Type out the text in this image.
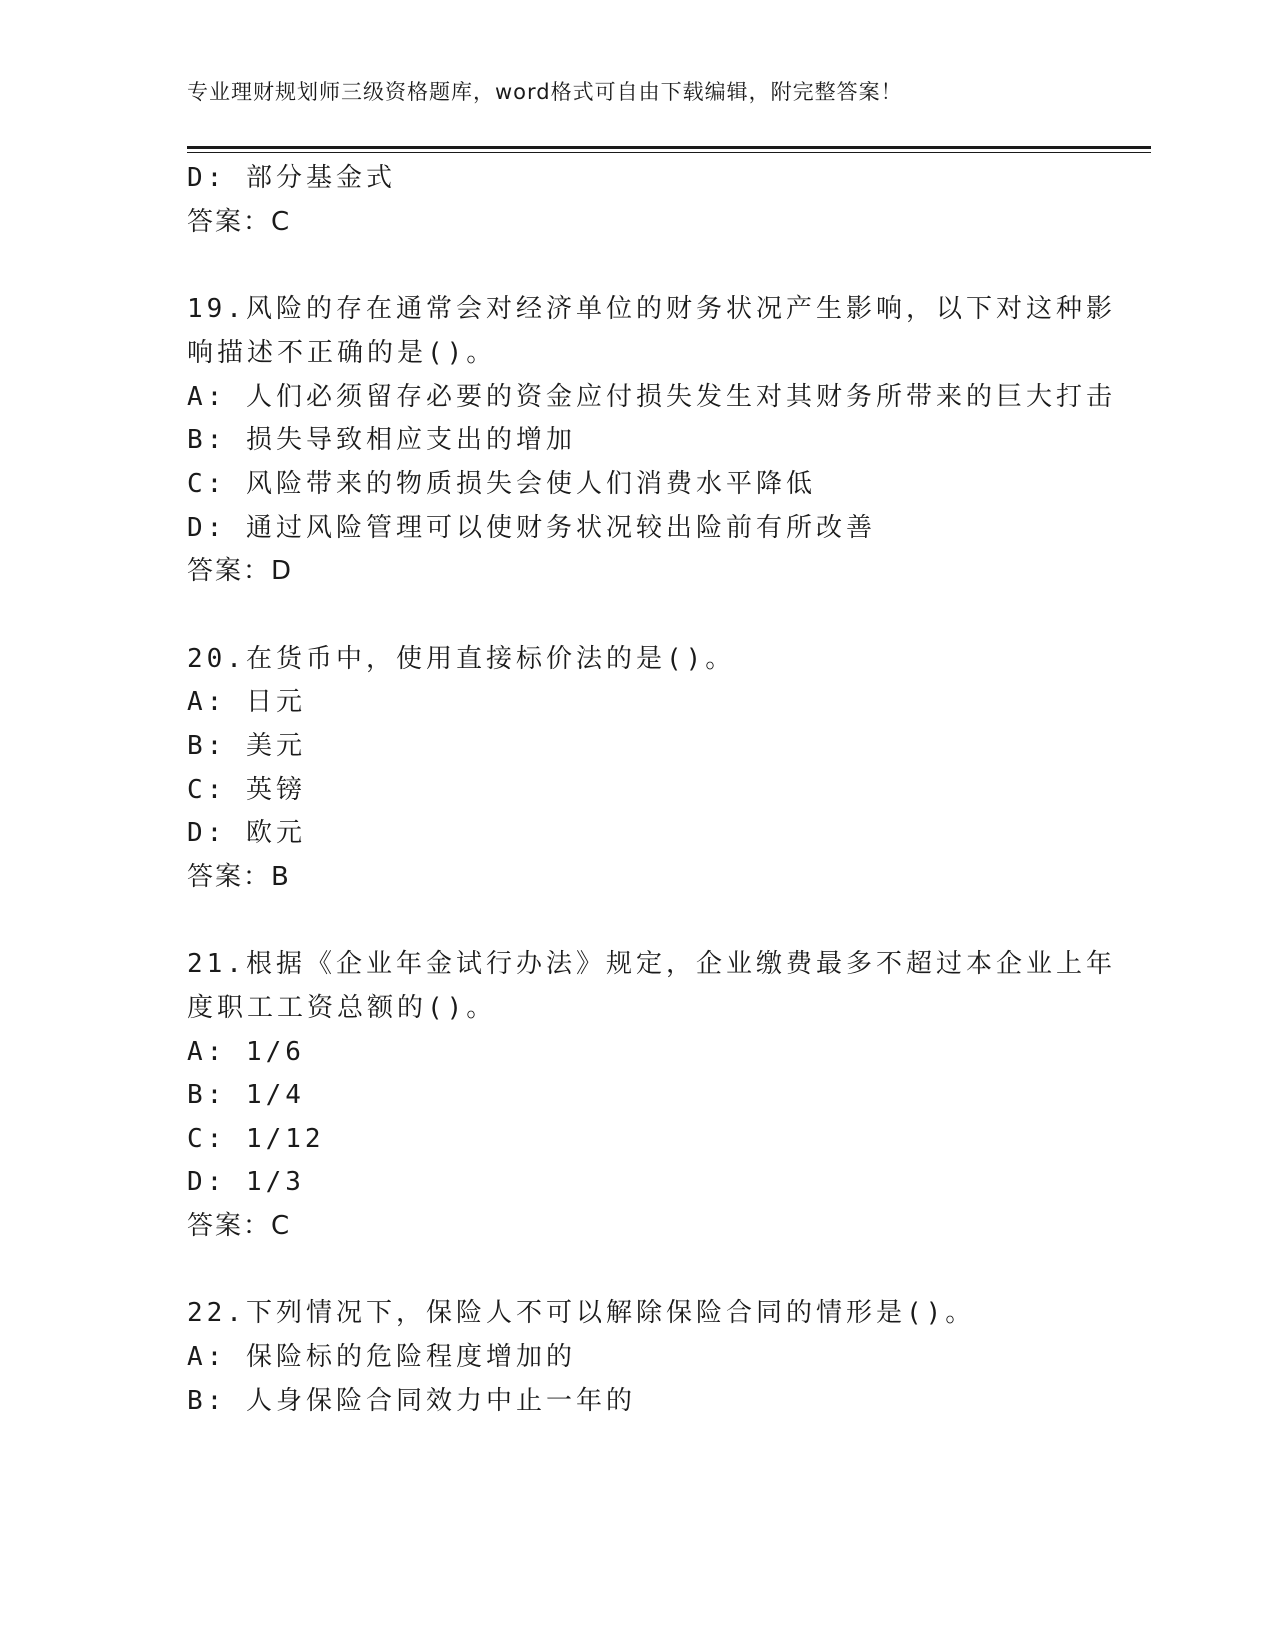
专业理财规划师三级资格题库，word格式可自由下载编辑，附完整答案！
D: 部分基金式
答案：C
19.风险的存在通常会对经济单位的财务状况产生影响，以下对这种影
响描述不正确的是()。
A: 人们必须留存必要的资金应付损失发生对其财务所带来的巨大打击
B: 损失导致相应支出的增加
C: 风险带来的物质损失会使人们消费水平降低
D: 通过风险管理可以使财务状况较出险前有所改善
答案：D
20.在货币中，使用直接标价法的是()。
A: 日元
B: 美元
C: 英镑
D: 欧元
答案：B
21.根据《企业年金试行办法》规定，企业缴费最多不超过本企业上年
度职工工资总额的()。
A: 1/6
B: 1/4
C: 1/12
D: 1/3
答案：C
22.下列情况下，保险人不可以解除保险合同的情形是()。
A: 保险标的危险程度增加的
B: 人身保险合同效力中止一年的
